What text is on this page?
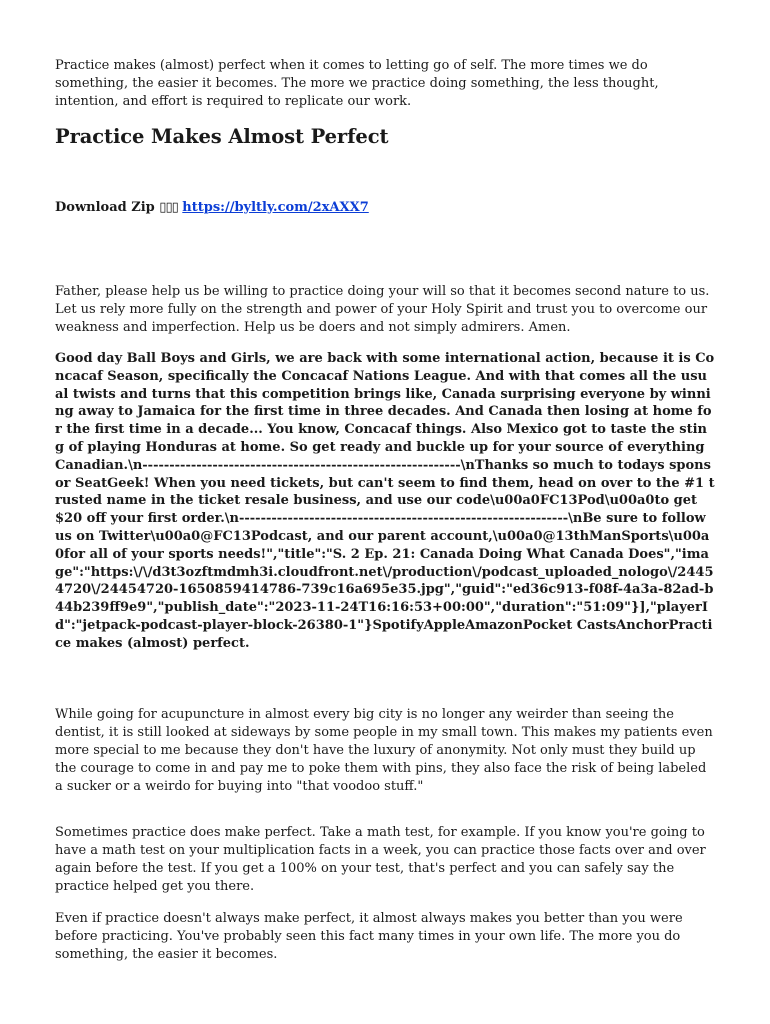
Practice makes (almost) perfect when it comes to letting go of self. The more times we do something, the easier it becomes. The more we practice doing something, the less thought, intention, and effort is required to replicate our work.

Practice Makes Almost Perfect
Download Zip ▯▯▯ https://byltly.com/2xAXX7

Father, please help us be willing to practice doing your will so that it becomes second nature to us. Let us rely more fully on the strength and power of your Holy Spirit and trust you to overcome our weakness and imperfection. Help us be doers and not simply admirers. Amen.

Good day Ball Boys and Girls, we are back with some international action, because it is Concacaf Season, specifically the Concacaf Nations League. And with that comes all the usual twists and turns that this competition brings like, Canada surprising everyone by winning away to Jamaica for the first time in three decades. And Canada then losing at home for the first time in a decade... You know, Concacaf things. Also Mexico got to taste the sting of playing Honduras at home. So get ready and buckle up for your source of everything Canadian.\n-----------------------------------------------------------\nThanks so much to todays sponsor SeatGeek! When you need tickets, but can't seem to find them, head on over to the #1 trusted name in the ticket resale business, and use our code\u00a0FC13Pod\u00a0to get $20 off your first order.\n-------------------------------------------------------------\nBe sure to follow us on Twitter\u00a0@FC13Podcast, and our parent account,\u00a0@13thManSports\u00a0for all of your sports needs!","title":"S. 2 Ep. 21: Canada Doing What Canada Does","image":"https:\/\/d3t3ozftmdmh3i.cloudfront.net\/production\/podcast_uploaded_nologo\/24454720\/24454720-1650859414786-739c16a695e35.jpg","guid":"ed36c913-f08f-4a3a-82ad-b44b239ff9e9","publish_date":"2023-11-24T16:16:53+00:00","duration":"51:09"}],"playerId":"jetpack-podcast-player-block-26380-1"}SpotifyAppleAmazonPocket CastsAnchorPractice makes (almost) perfect.

While going for acupuncture in almost every big city is no longer any weirder than seeing the dentist, it is still looked at sideways by some people in my small town. This makes my patients even more special to me because they don't have the luxury of anonymity. Not only must they build up the courage to come in and pay me to poke them with pins, they also face the risk of being labeled a sucker or a weirdo for buying into "that voodoo stuff."

Sometimes practice does make perfect. Take a math test, for example. If you know you're going to have a math test on your multiplication facts in a week, you can practice those facts over and over again before the test. If you get a 100% on your test, that's perfect and you can safely say the practice helped get you there.

Even if practice doesn't always make perfect, it almost always makes you better than you were before practicing. You've probably seen this fact many times in your own life. The more you do something, the easier it becomes.
